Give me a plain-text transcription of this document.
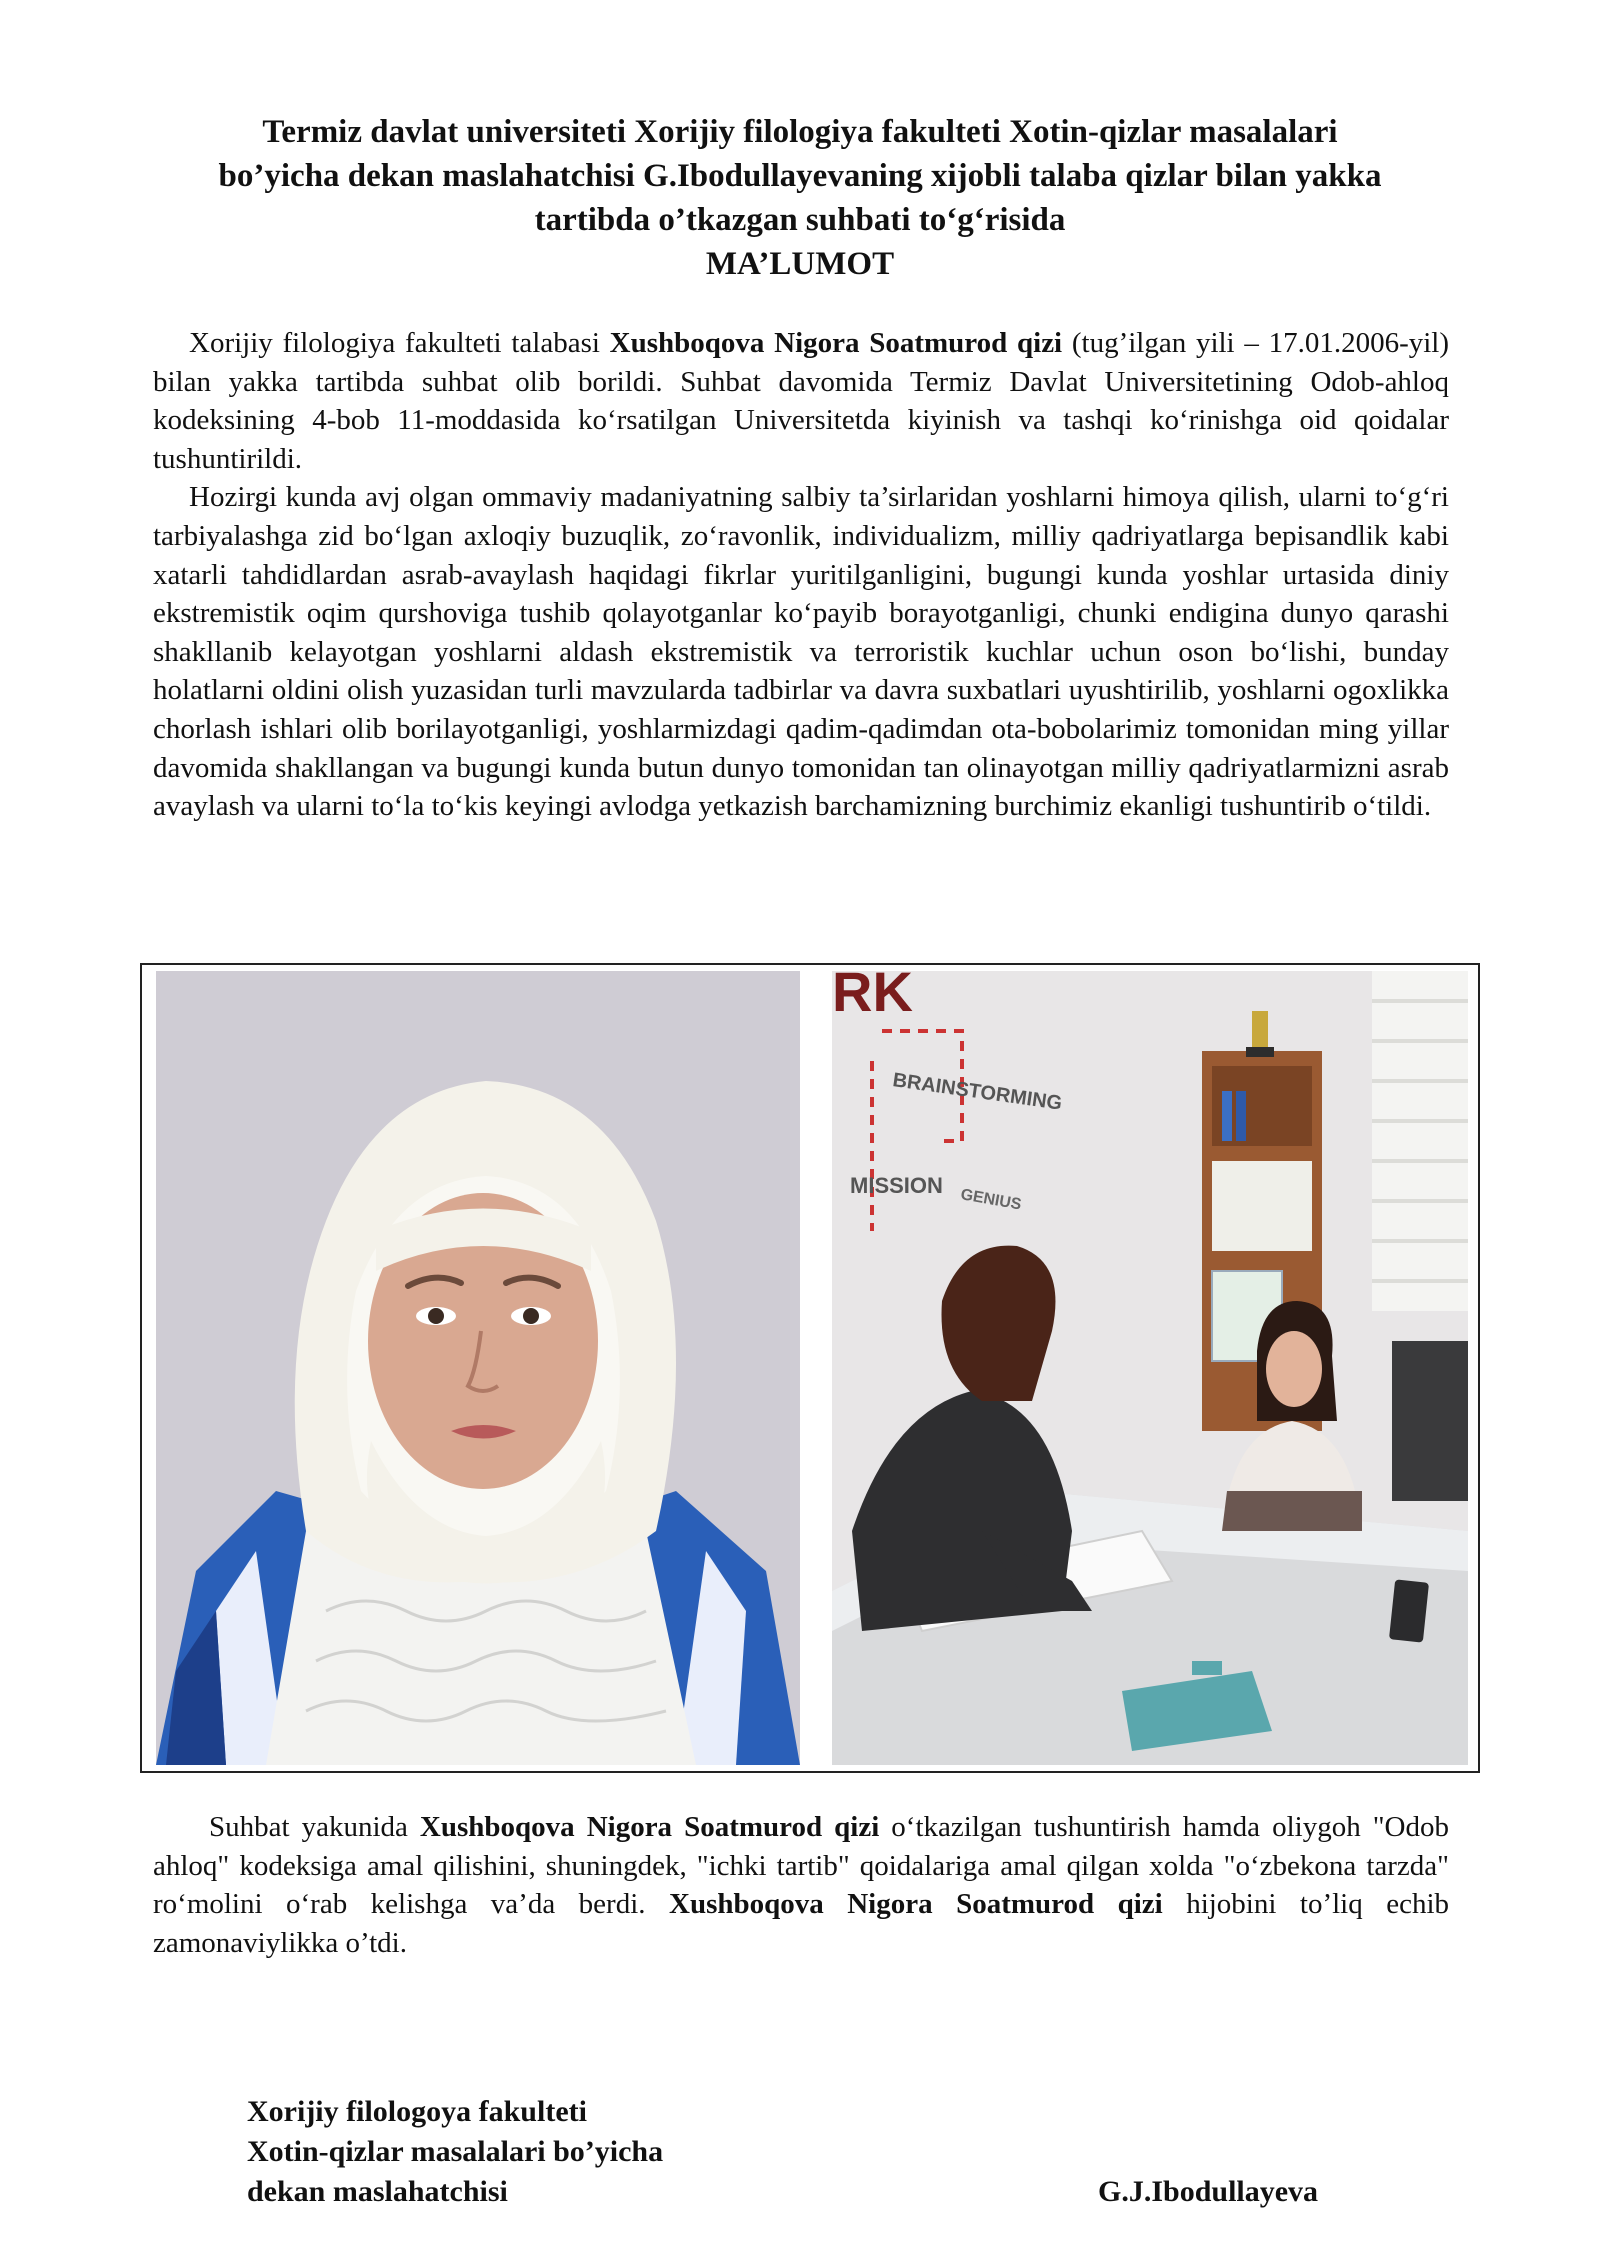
Termiz davlat universiteti Xorijiy filologiya fakulteti Xotin-qizlar masalalari
bo’yicha dekan maslahatchisi G.Ibodullayevaning xijobli talaba qizlar bilan yakka
tartibda o’tkazgan suhbati to‘g‘risida
MA’LUMOT

Xorijiy filologiya fakulteti talabasi Xushboqova Nigora Soatmurod qizi (tug’ilgan yili – 17.01.2006-yil) bilan yakka tartibda suhbat olib borildi. Suhbat davomida Termiz Davlat Universitetining Odob-ahloq kodeksining 4-bob 11-moddasida ko‘rsatilgan Universitetda kiyinish va tashqi ko‘rinishga oid qoidalar tushuntirildi.

Hozirgi kunda avj olgan ommaviy madaniyatning salbiy ta’sirlaridan yoshlarni himoya qilish, ularni to‘g‘ri tarbiyalashga zid bo‘lgan axloqiy buzuqlik, zo‘ravonlik, individualizm, milliy qadriyatlarga bepisandlik kabi xatarli tahdidlardan asrab-avaylash haqidagi fikrlar yuritilganligini, bugungi kunda yoshlar urtasida diniy ekstremistik oqim qurshoviga tushib qolayotganlar ko‘payib borayotganligi, chunki endigina dunyo qarashi shakllanib kelayotgan yoshlarni aldash ekstremistik va terroristik kuchlar uchun oson bo‘lishi, bunday holatlarni oldini olish yuzasidan turli mavzularda tadbirlar va davra suxbatlari uyushtirilib, yoshlarni ogoxlikka chorlash ishlari olib borilayotganligi, yoshlarmizdagi qadim-qadimdan ota-bobolarimiz tomonidan ming yillar davomida shakllangan va bugungi kunda butun dunyo tomonidan tan olinayotgan milliy qadriyatlarmizni asrab avaylash va ularni to‘la to‘kis keyingi avlodga yetkazish barchamizning burchimiz ekanligi tushuntirib o‘tildi.

RK
BRAINSTORMING
MISSION
GENIUS

Suhbat yakunida Xushboqova Nigora Soatmurod qizi o‘tkazilgan tushuntirish hamda oliygoh "Odob ahloq" kodeksiga amal qilishini, shuningdek, "ichki tartib" qoidalariga amal qilgan xolda "o‘zbekona tarzda" ro‘molini o‘rab kelishga va’da berdi. Xushboqova Nigora Soatmurod qizi hijobini to’liq echib zamonaviylikka o’tdi.

Xorijiy filologoya fakulteti
Xotin-qizlar masalalari bo’yicha
dekan maslahatchisi	G.J.Ibodullayeva
